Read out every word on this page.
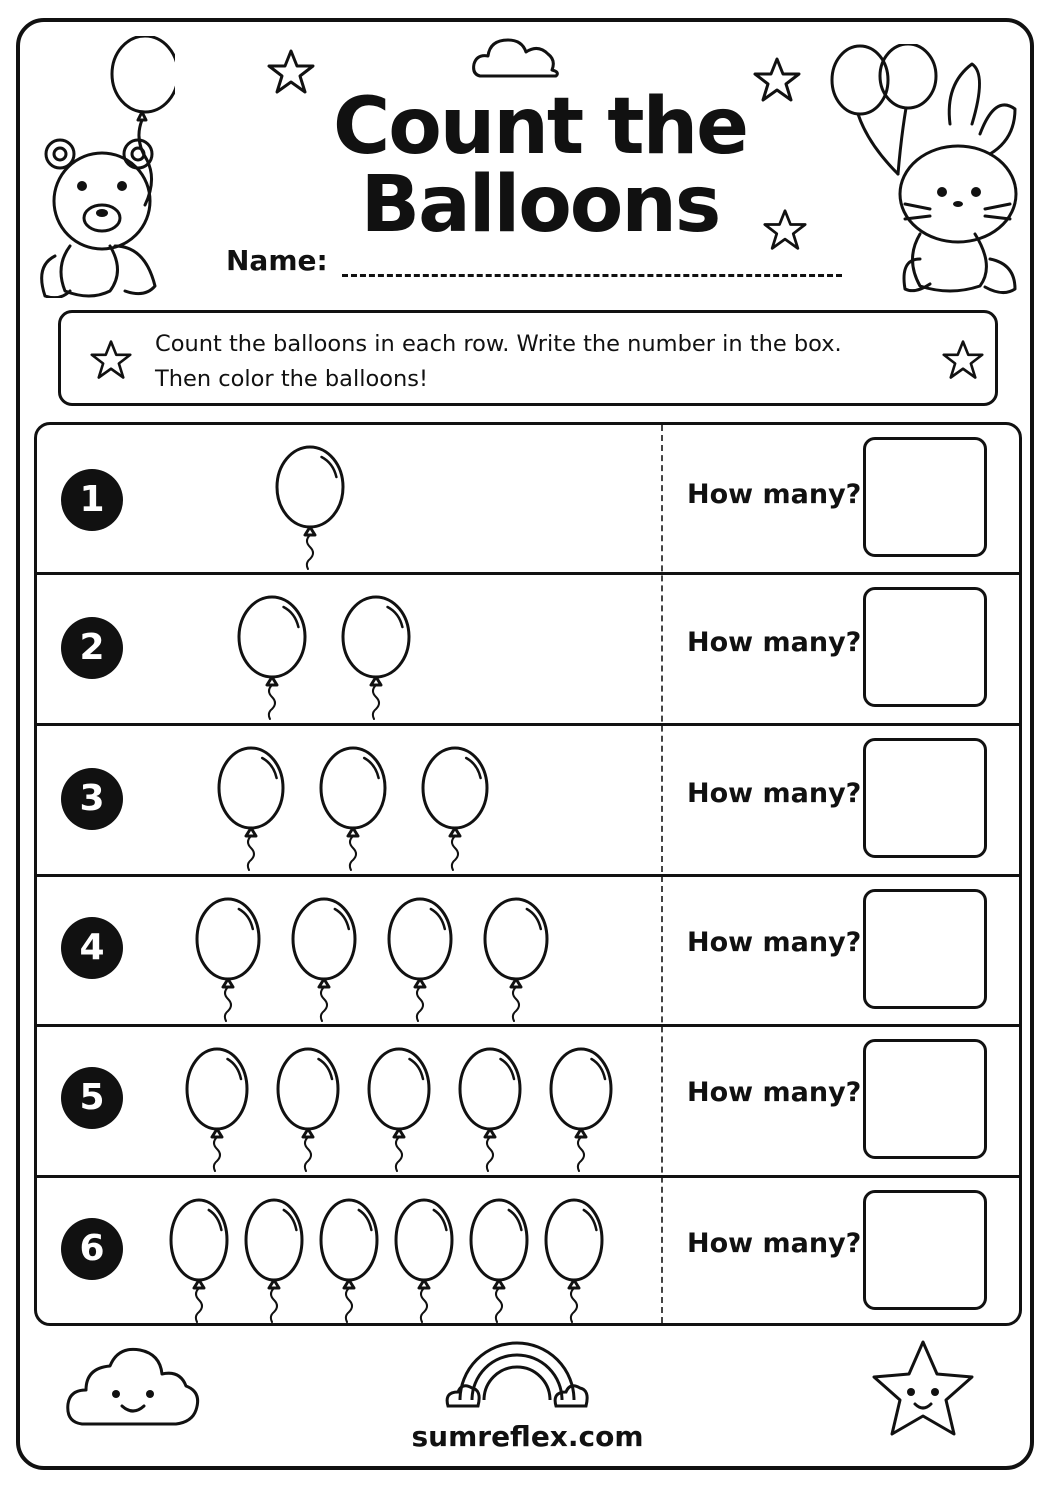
Count the Balloons
Name:
Count the balloons in each row. Write the number in the box.
Then color the balloons!
1	How many?
2	How many?
3	How many?
4	How many?
5	How many?
6	How many?
sumreflex.com
